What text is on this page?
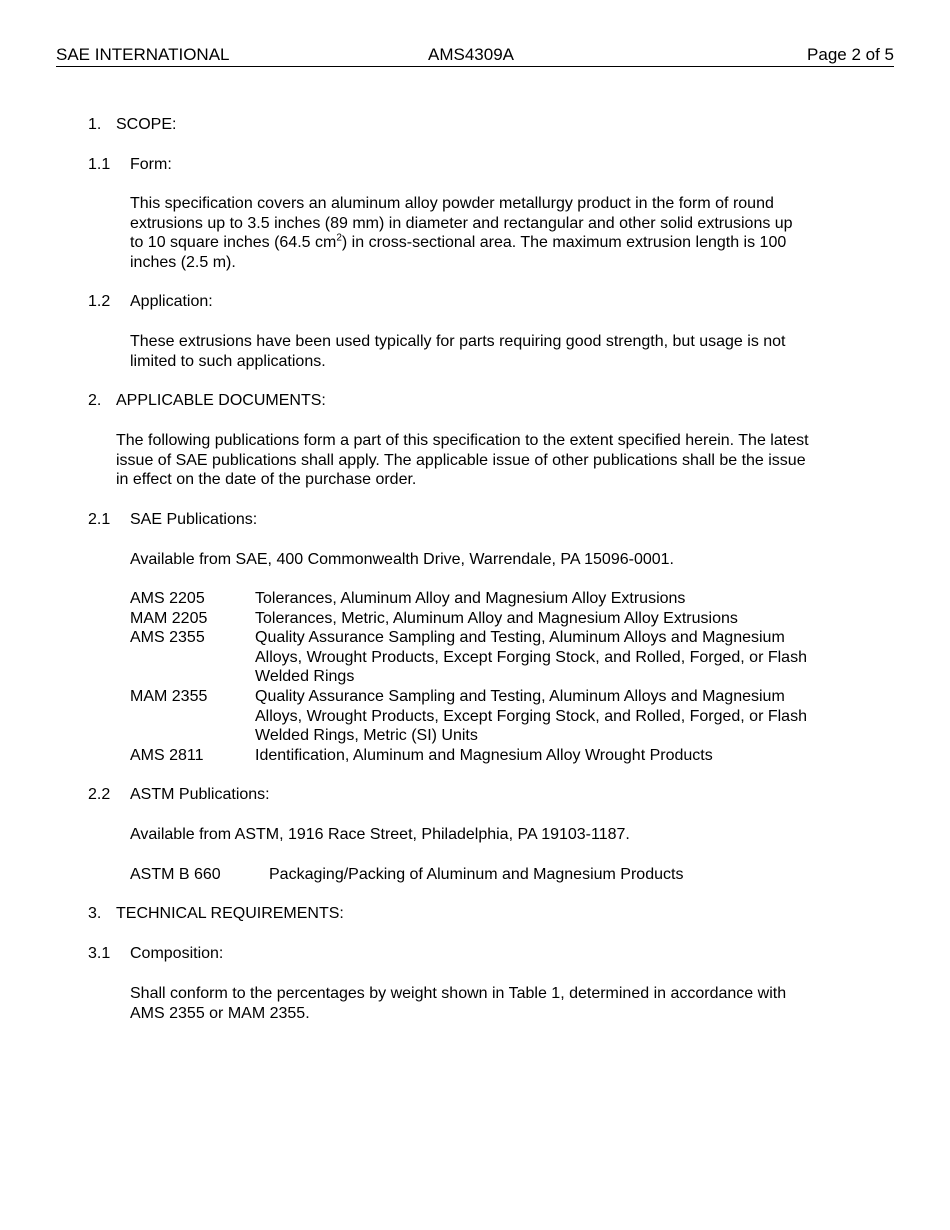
SAE INTERNATIONAL	AMS4309A	Page 2 of 5
1. SCOPE:
1.1 Form:

This specification covers an aluminum alloy powder metallurgy product in the form of round

extrusions up to 3.5 inches (89 mm) in diameter and rectangular and other solid extrusions up

to 10 square inches (64.5 $cm^2$) in cross-sectional area. The maximum extrusion length is 100

inches (2.5 m).

1.2 Application:

These extrusions have been used typically for parts requiring good strength, but usage is not

limited to such applications.

2. APPLICABLE DOCUMENTS:

The following publications form a part of this specification to the extent specified herein. The latest

issue of SAE publications shall apply. The applicable issue of other publications shall be the issue

in effect on the date of the purchase order.

2.1 SAE Publications:
Available from SAE, 400 Commonwealth Drive, Warrendale, PA 15096-0001.
AMS 2205	Tolerances, Aluminum Alloy and Magnesium Alloy Extrusions

MAM 2205	Tolerances, Metric, Aluminum Alloy and Magnesium Alloy Extrusions

AMS 2355	Quality Assurance Sampling and Testing, Aluminum Alloys and Magnesium

Alloys, Wrought Products, Except Forging Stock, and Rolled, Forged, or Flash

Welded Rings

MAM 2355	Quality Assurance Sampling and Testing, Aluminum Alloys and Magnesium

Alloys, Wrought Products, Except Forging Stock, and Rolled, Forged, or Flash

Welded Rings, Metric (SI) Units

AMS 2811	Identification, Aluminum and Magnesium Alloy Wrought Products

2.2 ASTM Publications:
Available from ASTM, 1916 Race Street, Philadelphia, PA 19103-1187.
ASTM B 660	Packaging/Packing of Aluminum and Magnesium Products

3. TECHNICAL REQUIREMENTS:
3.1 Composition:

Shall conform to the percentages by weight shown in Table 1, determined in accordance with

AMS 2355 or MAM 2355.
